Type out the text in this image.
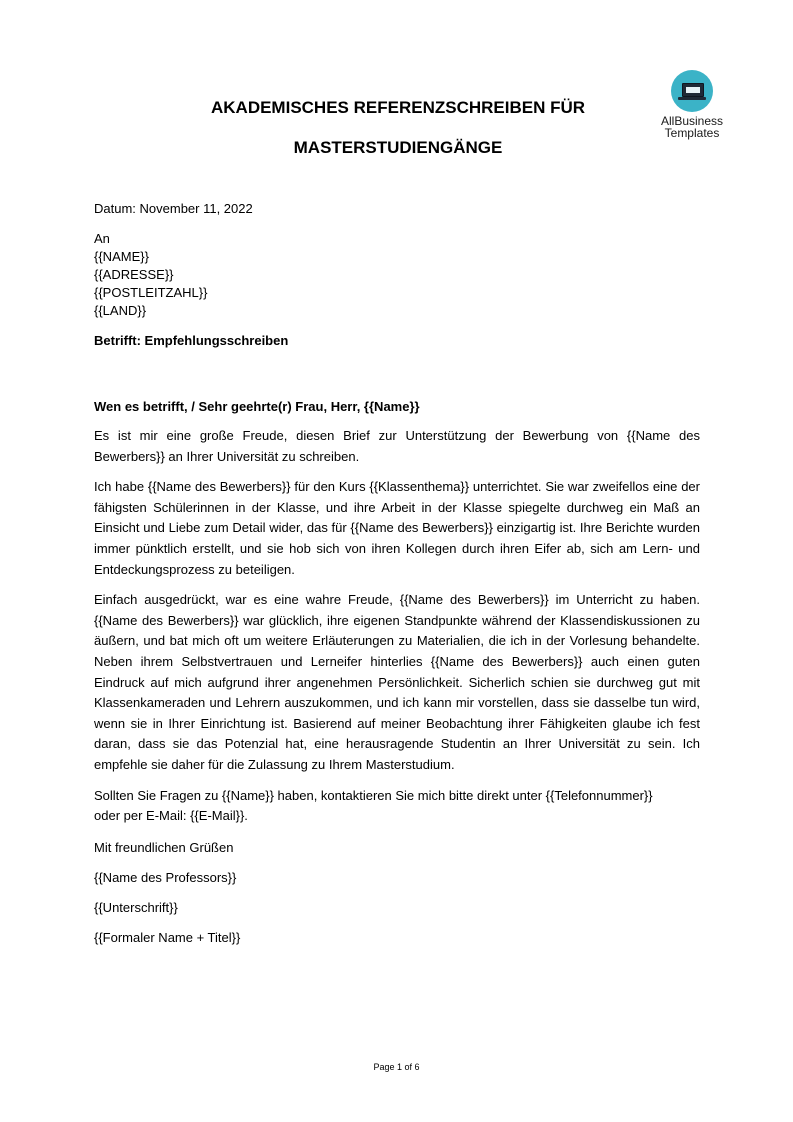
AllBusiness
Templates
AKADEMISCHES REFERENZSCHREIBEN FÜR
MASTERSTUDIENGÄNGE
Datum: November 11, 2022
An
{{NAME}}
{{ADRESSE}}
{{POSTLEITZAHL}}
{{LAND}}
Betrifft: Empfehlungsschreiben
Wen es betrifft, / Sehr geehrte(r) Frau, Herr, {{Name}}

Es ist mir eine große Freude, diesen Brief zur Unterstützung der Bewerbung von {{Name des Bewerbers}} an Ihrer Universität zu schreiben.

Ich habe {{Name des Bewerbers}} für den Kurs {{Klassenthema}} unterrichtet. Sie war zweifellos eine der fähigsten Schülerinnen in der Klasse, und ihre Arbeit in der Klasse spiegelte durchweg ein Maß an Einsicht und Liebe zum Detail wider, das für {{Name des Bewerbers}} einzigartig ist. Ihre Berichte wurden immer pünktlich erstellt, und sie hob sich von ihren Kollegen durch ihren Eifer ab, sich am Lern- und Entdeckungsprozess zu beteiligen.

Einfach ausgedrückt, war es eine wahre Freude, {{Name des Bewerbers}} im Unterricht zu haben. {{Name des Bewerbers}} war glücklich, ihre eigenen Standpunkte während der Klassendiskussionen zu äußern, und bat mich oft um weitere Erläuterungen zu Materialien, die ich in der Vorlesung behandelte. Neben ihrem Selbstvertrauen und Lerneifer hinterlies {{Name des Bewerbers}} auch einen guten Eindruck auf mich aufgrund ihrer angenehmen Persönlichkeit. Sicherlich schien sie durchweg gut mit Klassenkameraden und Lehrern auszukommen, und ich kann mir vorstellen, dass sie dasselbe tun wird, wenn sie in Ihrer Einrichtung ist. Basierend auf meiner Beobachtung ihrer Fähigkeiten glaube ich fest daran, dass sie das Potenzial hat, eine herausragende Studentin an Ihrer Universität zu sein. Ich empfehle sie daher für die Zulassung zu Ihrem Masterstudium.

Sollten Sie Fragen zu {{Name}} haben, kontaktieren Sie mich bitte direkt unter {{Telefonnummer}} oder per E-Mail: {{E-Mail}}.

Mit freundlichen Grüßen
{{Name des Professors}}
{{Unterschrift}}
{{Formaler Name + Titel}}
Page 1 of 6
